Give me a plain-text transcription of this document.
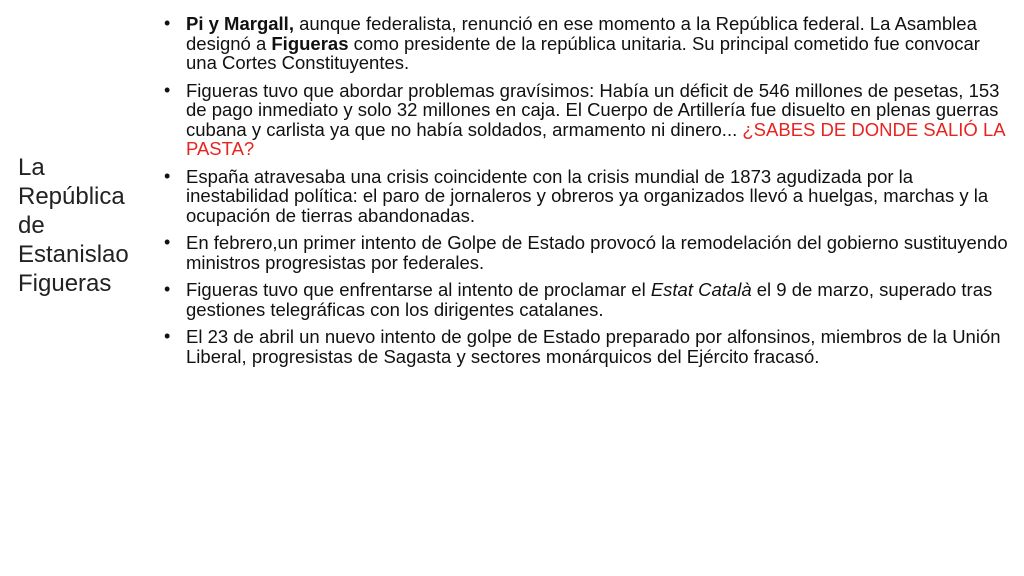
La
República
de
Estanislao
Figueras
• Pi y Margall, aunque federalista, renunció en ese momento a la República federal. La Asamblea designó a Figueras como presidente de la república unitaria. Su principal cometido fue convocar una Cortes Constituyentes.
• Figueras tuvo que abordar problemas gravísimos: Había un déficit de 546 millones de pesetas, 153 de pago inmediato y solo 32 millones en caja. El Cuerpo de Artillería fue disuelto en plenas guerras cubana y carlista ya que no había soldados, armamento ni dinero... ¿SABES DE DONDE SALIÓ LA PASTA?
• España atravesaba una crisis coincidente con la crisis mundial de 1873 agudizada por la inestabilidad política: el paro de jornaleros y obreros ya organizados llevó a huelgas, marchas y la ocupación de tierras abandonadas.
• En febrero,un primer intento de Golpe de Estado provocó la remodelación del gobierno sustituyendo ministros progresistas por federales.
• Figueras tuvo que enfrentarse al intento de proclamar el Estat Català el 9 de marzo, superado tras gestiones telegráficas con los dirigentes catalanes.
• El 23 de abril un nuevo intento de golpe de Estado preparado por alfonsinos, miembros de la Unión Liberal, progresistas de Sagasta y sectores monárquicos del Ejército fracasó.
